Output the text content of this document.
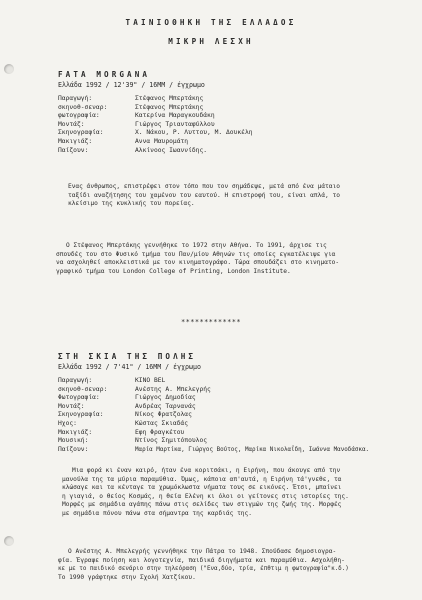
ΤΑΙΝΙΟΘΗΚΗ ΤΗΣ ΕΛΛΑΔΟΣ
ΜΙΚΡΗ ΛΕΣΧΗ
FATA MORGANA
Ελλάδα 1992 / 12'39" / 16ΜΜ / έγχρωμο
Παραγωγή:	Στέφανος Μπερτάκης
σκηνοθ-σεναρ:	Στέφανος Μπερτάκης
φωτογραφία:	Κατερίνα Μαραγκουδάκη
Μοντάζ:	Γιώργος Τριανταφύλλου
Σκηνογραφία:	Χ. Νάκου, Ρ. Λυττου, Μ. Δουκέλη
Μακιγιάζ:	Αννα Μαυρομάτη
Παίζουν:	Αλκίνοος Ιωαννίδης.

Ενας άνθρωπος, επιστρέφει στον τόπο που τον σημάδεψε, μετά από ένα μάταιο
ταξίδι αναζήτησης του χαμένου του εαυτού. Η επιστροφή του, είναι απλά, το
κλείσιμο της κυκλικής του πορείας.

Ο Στέφανος Μπερτάκης γεννήθηκε το 1972 στην Αθήνα. Το 1991, άρχισε τις
σπουδές του στο Φυσικό τμήμα του Παν/μίου Αθηνών τις οποίες εγκατέλειψε για
να ασχοληθεί αποκλειστικά με τον κινηματογράφο. Τώρα σπουδάζει στο κινηματο-
γραφικό τμήμα του London College of Printing, London Institute.

*************
ΣΤΗ ΣΚΙΑ ΤΗΣ ΠΟΛΗΣ
Ελλάδα 1992 / 7'41" / 16ΜΜ / έγχρωμο
Παραγωγή:	KINO BEL
σκηνοθ-σεναρ:	Ανέστης Α. Μπελεγρής
Φωτογραφία:	Γιώργος Δημοδίας
Μοντάζ:	Ανδρέας Ταρνανάς
Σκηνογραφία:	Νίκος Φρατζολας
Ηχος:	Κώστας Σκιαδάς
Μακιγιάζ:	Εφη Φραγκέτου
Μουσική:	Ντίνος Σημιτόπουλος
Παίζουν:	Μαρία Μαρτίκα, Γιώργος Βούτος, Μαρίκα Νικολαΐδη, Ιωάννα Μανοδάσκα.

Μια φορά κι έναν καιρό, ήταν ένα κοριτσάκι, η Ειρήνη, που άκουγε από την
μανούλα της τα μύρια παραμύθια. Όμως, κάποια απ'αυτά, η Ειρήνη τά'γνεθε, τα
κλώσαγε και τα κένταγε τα χρωμόκλωστα νήματα τους σε εικόνες. Έτσι, μπαίνει
η γιαγιά, ο θείος Κοσμάς, η θεία Ελένη κι όλοι οι γείτονες στις ιστορίες της.
Μορφές με σημάδια αγάπης πάνω στις σελίδες των στιγμών της ζωής της. Μορφές
με σημάδια πόνου πάνω στα σήμαντρα της καρδιάς της.

Ο Ανέστης Α. Μπελεγρής γεννήθηκε την Πάτρα το 1948. Σπούδασε δημοσιογρα-
φία. Έγραψε ποίηση και λογοτεχνία, παιδικά διηγήματα και παραμύθια. Ασχολήθη-
κε με το παιδικό σενάριο στην τηλεόραση ("Ενα,δύο, τρία, έπθτιμ η φωτογραφία"κ.δ.)
Το 1990 γράφτηκε στην Σχολή Χατζίκου.
